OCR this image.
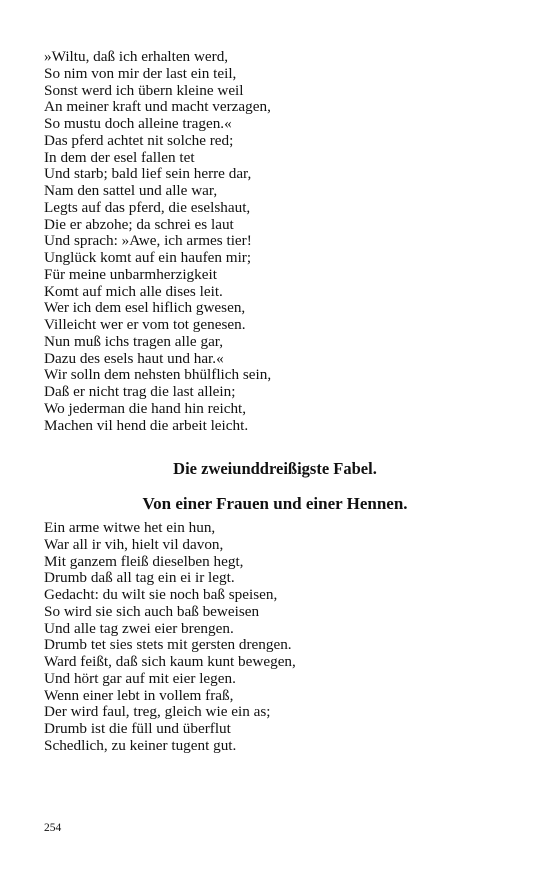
»Wiltu, daß ich erhalten werd,
So nim von mir der last ein teil,
Sonst werd ich übern kleine weil
An meiner kraft und macht verzagen,
So mustu doch alleine tragen.«
Das pferd achtet nit solche red;
In dem der esel fallen tet
Und starb; bald lief sein herre dar,
Nam den sattel und alle war,
Legts auf das pferd, die eselshaut,
Die er abzohe; da schrei es laut
Und sprach: »Awe, ich armes tier!
Unglück komt auf ein haufen mir;
Für meine unbarmherzigkeit
Komt auf mich alle dises leit.
Wer ich dem esel hiflich gwesen,
Villeicht wer er vom tot genesen.
Nun muß ichs tragen alle gar,
Dazu des esels haut und har.«
Wir solln dem nehsten bhülflich sein,
Daß er nicht trag die last allein;
Wo jederman die hand hin reicht,
Machen vil hend die arbeit leicht.
Die zweiunddreißigste Fabel.
Von einer Frauen und einer Hennen.
Ein arme witwe het ein hun,
War all ir vih, hielt vil davon,
Mit ganzem fleiß dieselben hegt,
Drumb daß all tag ein ei ir legt.
Gedacht: du wilt sie noch baß speisen,
So wird sie sich auch baß beweisen
Und alle tag zwei eier brengen.
Drumb tet sies stets mit gersten drengen.
Ward feißt, daß sich kaum kunt bewegen,
Und hört gar auf mit eier legen.
Wenn einer lebt in vollem fraß,
Der wird faul, treg, gleich wie ein as;
Drumb ist die füll und überflut
Schedlich, zu keiner tugent gut.
254
